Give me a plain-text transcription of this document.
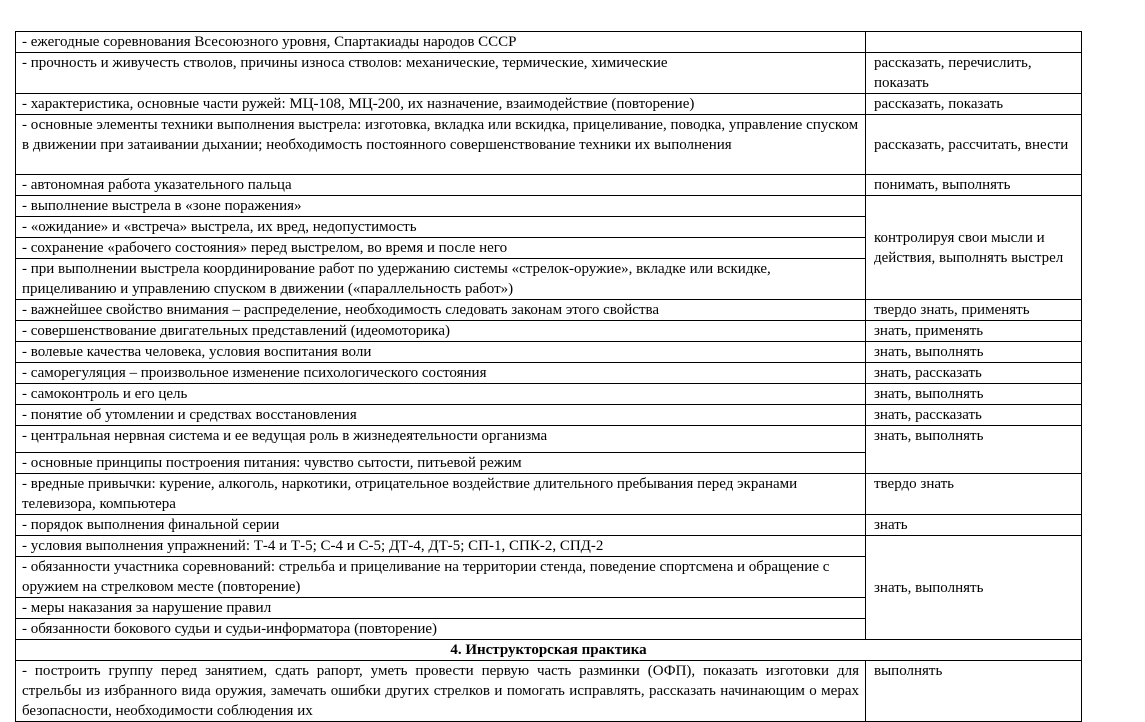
- ежегодные соревнования Всесоюзного уровня, Спартакиады народов СССР	
- прочность и живучесть стволов, причины износа стволов: механические, термические, химические	рассказать, перечислить, показать
- характеристика, основные части ружей: МЦ-108, МЦ-200, их назначение, взаимодействие (повторение)	рассказать, показать
- основные элементы техники выполнения выстрела: изготовка, вкладка или вскидка, прицеливание, поводка, управление спуском в движении при затаивании дыхании; необходимость постоянного совершенствование техники их выполнения	рассказать, рассчитать, внести
- автономная работа указательного пальца	понимать, выполнять
- выполнение выстрела в «зоне поражения»	контролируя свои мысли и действия, выполнять выстрел
- «ожидание» и «встреча» выстрела, их вред, недопустимость	
- сохранение «рабочего состояния» перед выстрелом, во время и после него	
- при выполнении выстрела координирование работ по удержанию системы «стрелок-оружие», вкладке или вскидке, прицеливанию и управлению спуском в движении («параллельность работ»)	
- важнейшее свойство внимания – распределение, необходимость следовать законам этого свойства	твердо знать, применять
- совершенствование двигательных представлений (идеомоторика)	знать, применять
- волевые качества человека, условия воспитания воли	знать, выполнять
- саморегуляция – произвольное изменение психологического состояния	знать, рассказать
- самоконтроль и его цель	знать, выполнять
- понятие об утомлении и средствах восстановления	знать, рассказать
- центральная нервная система и ее ведущая роль в жизнедеятельности организма	знать, выполнять
- основные принципы построения питания: чувство сытости, питьевой режим	
- вредные привычки: курение, алкоголь, наркотики, отрицательное воздействие длительного пребывания перед экранами телевизора, компьютера	твердо знать
- порядок выполнения финальной серии	знать
- условия выполнения упражнений: Т-4 и Т-5; С-4 и С-5; ДТ-4, ДТ-5; СП-1, СПК-2, СПД-2	знать, выполнять
- обязанности участника соревнований: стрельба и прицеливание на территории стенда, поведение спортсмена и обращение с оружием на стрелковом месте (повторение)	
- меры наказания за нарушение правил	
- обязанности бокового судьи и судьи-информатора (повторение)	
4. Инструкторская практика	
- построить группу перед занятием, сдать рапорт, уметь провести первую часть разминки (ОФП), показать изготовки для стрельбы из избранного вида оружия, замечать ошибки других стрелков и помогать исправлять, рассказать начинающим о мерах безопасности, необходимости соблюдения их	выполнять
